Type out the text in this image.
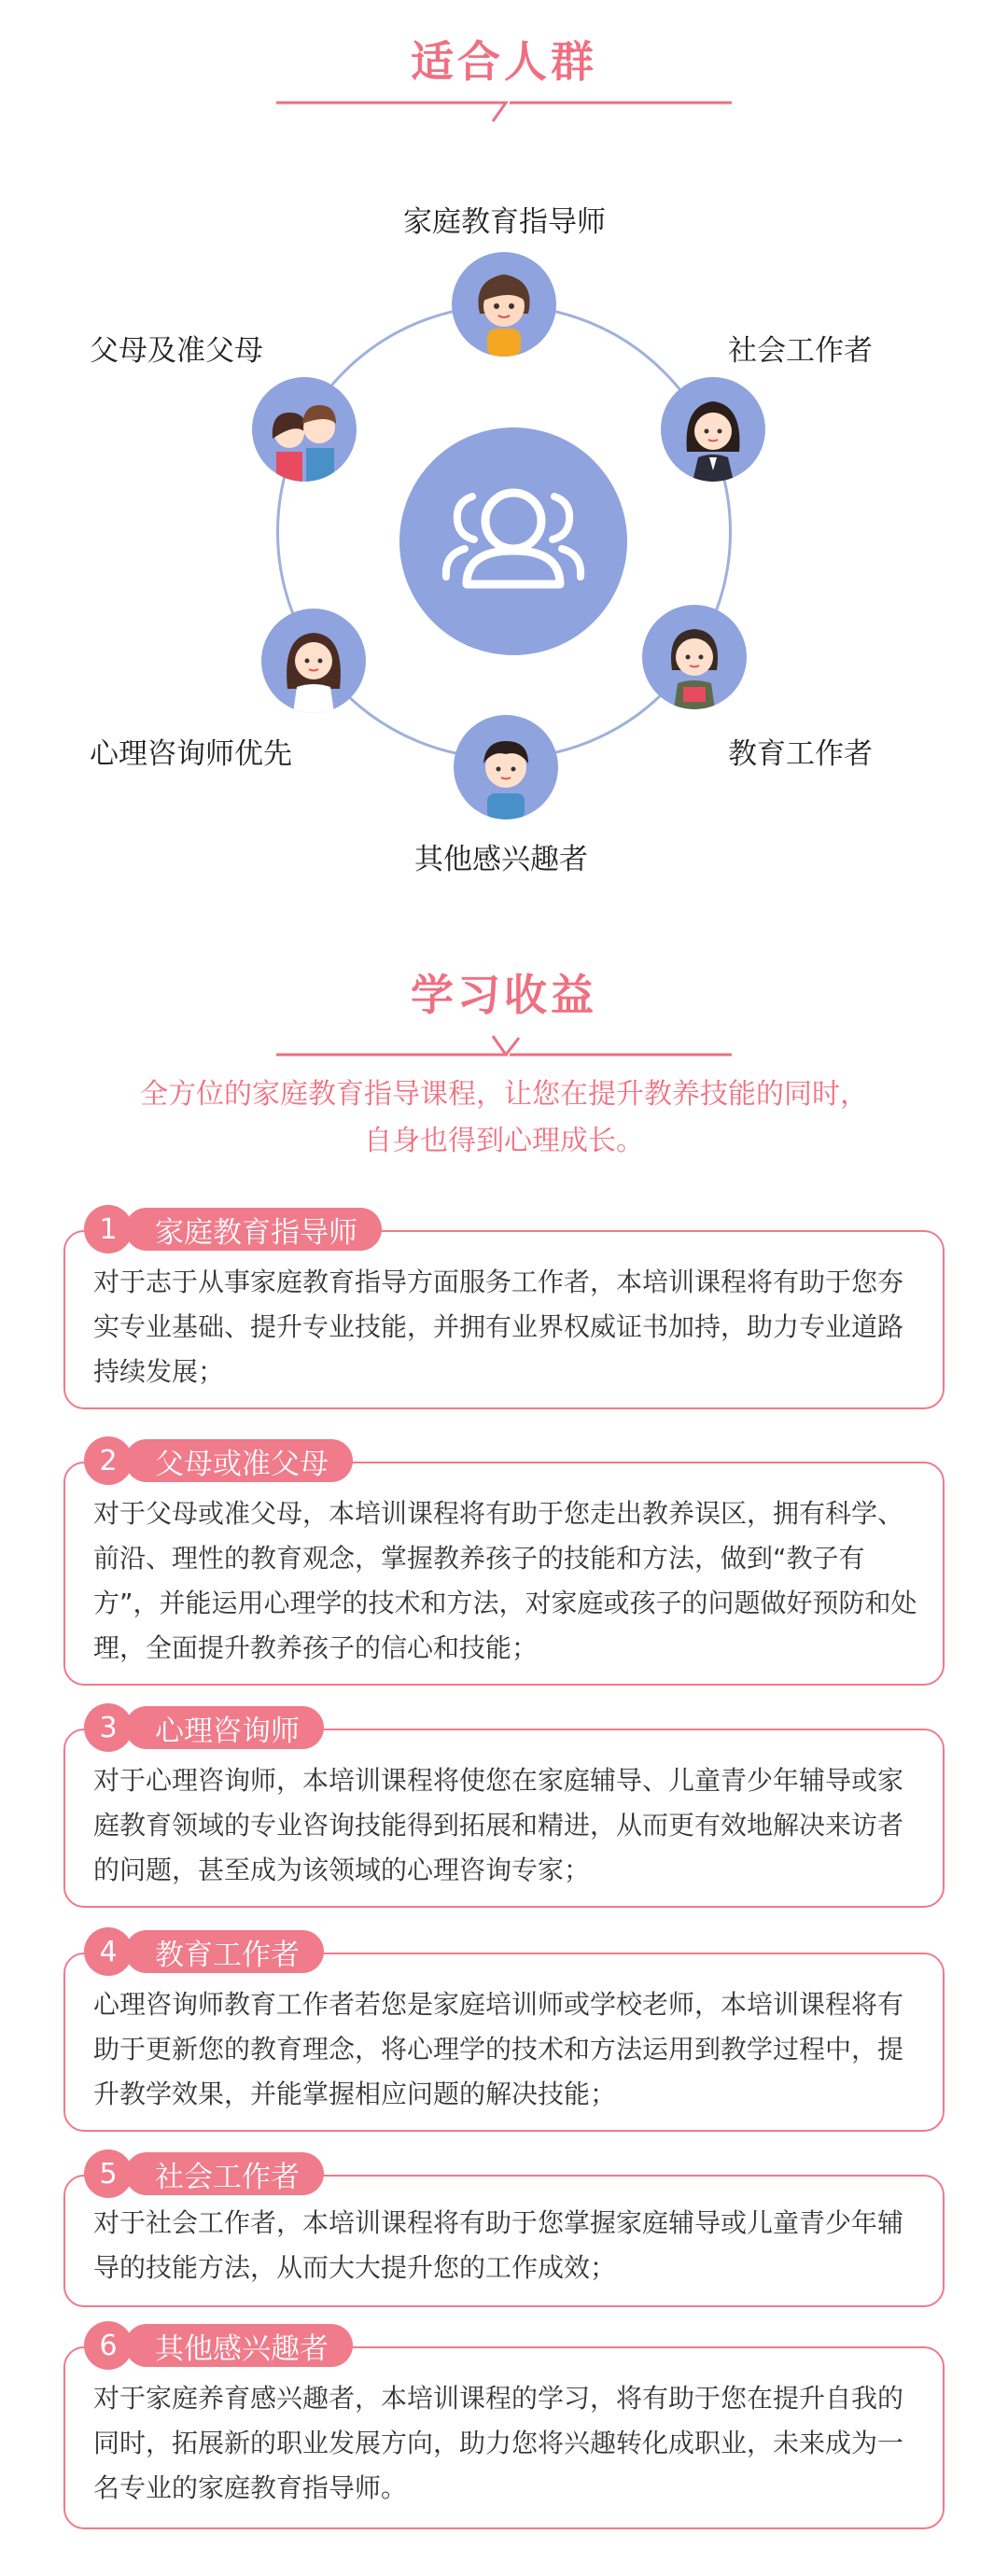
适合人群
家庭教育指导师
社会工作者
教育工作者
其他感兴趣者
心理咨询师优先
父母及准父母
学习收益
全方位的家庭教育指导课程，让您在提升教养技能的同时，
自身也得到心理成长。
对于志于从事家庭教育指导方面服务工作者，本培训课程将有助于您夯实专业基础、提升专业技能，并拥有业界权威证书加持，助力专业道路持续发展；
1	家庭教育指导师
对于父母或准父母，本培训课程将有助于您走出教养误区，拥有科学、前沿、理性的教育观念，掌握教养孩子的技能和方法，做到“教子有方”，并能运用心理学的技术和方法，对家庭或孩子的问题做好预防和处理，全面提升教养孩子的信心和技能；
2	父母或准父母
对于心理咨询师，本培训课程将使您在家庭辅导、儿童青少年辅导或家庭教育领域的专业咨询技能得到拓展和精进，从而更有效地解决来访者的问题，甚至成为该领域的心理咨询专家；
3	心理咨询师
心理咨询师教育工作者若您是家庭培训师或学校老师，本培训课程将有助于更新您的教育理念，将心理学的技术和方法运用到教学过程中，提升教学效果，并能掌握相应问题的解决技能；
4	教育工作者
对于社会工作者，本培训课程将有助于您掌握家庭辅导或儿童青少年辅导的技能方法，从而大大提升您的工作成效；
5	社会工作者
对于家庭养育感兴趣者，本培训课程的学习，将有助于您在提升自我的同时，拓展新的职业发展方向，助力您将兴趣转化成职业，未来成为一名专业的家庭教育指导师。
6	其他感兴趣者
